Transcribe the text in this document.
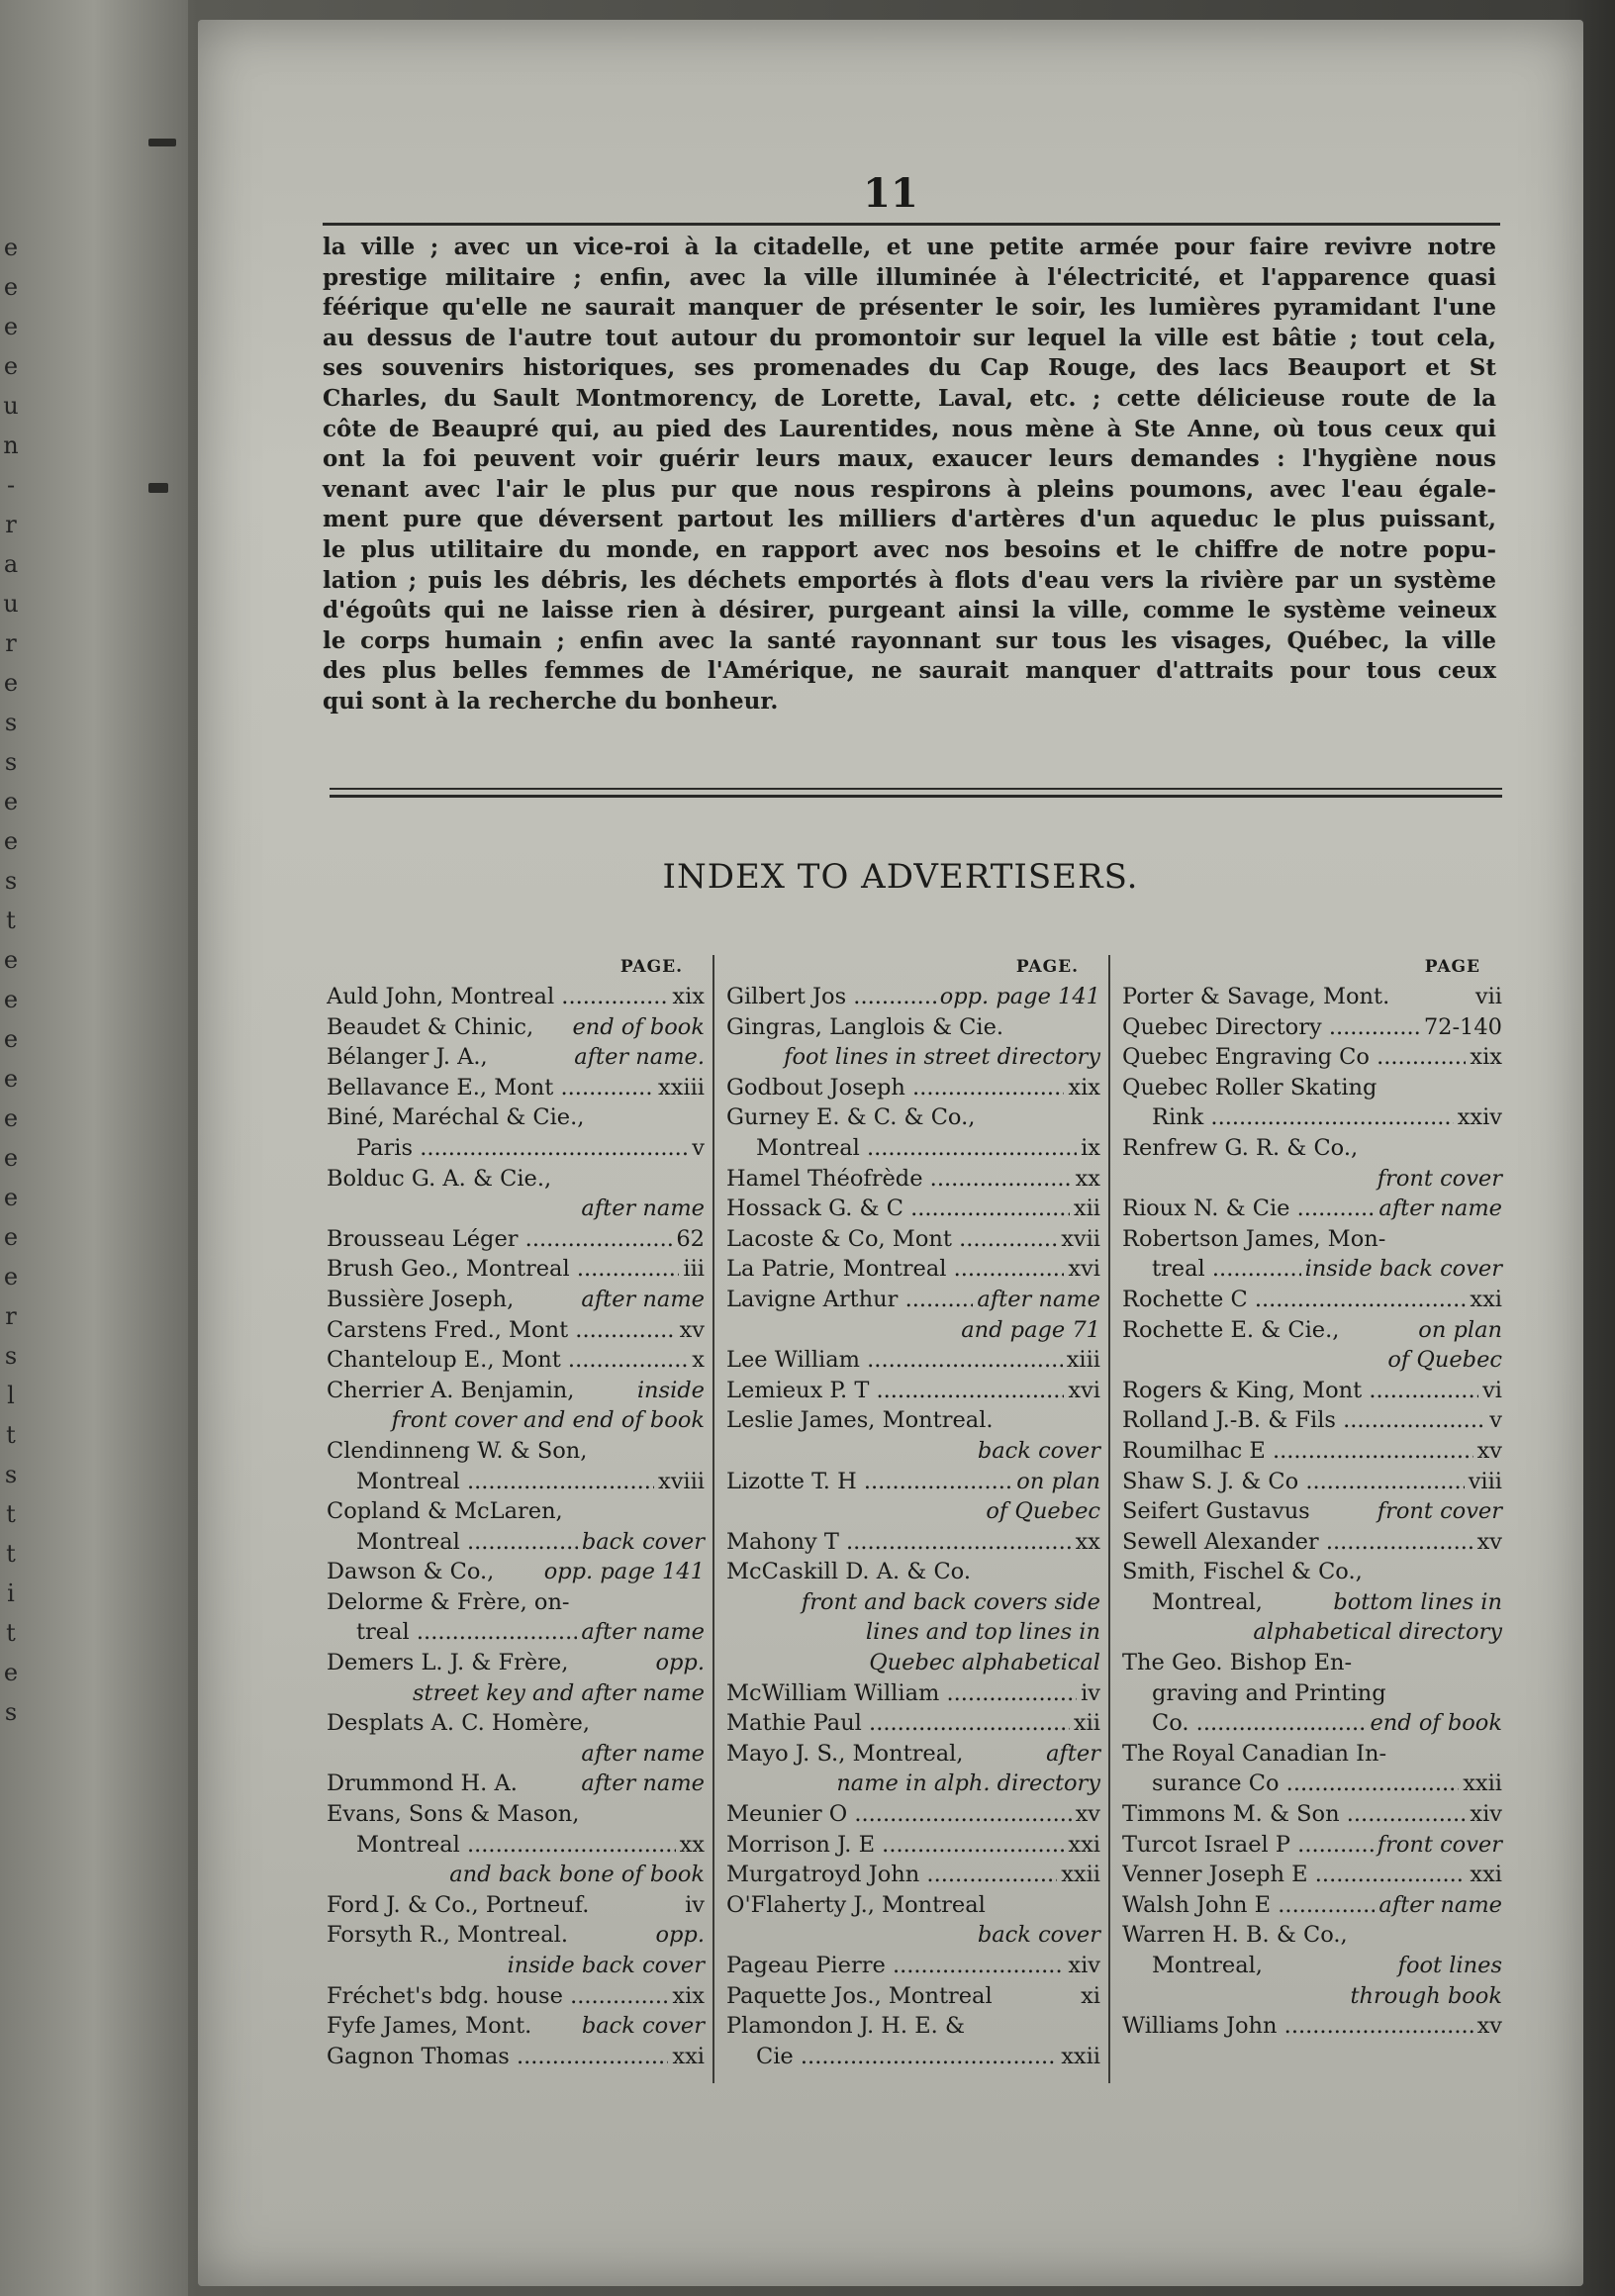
e
e
e
e
u
n
-
r
a
u
r
e
s
s
e
e
s
t
e
e
e
e
e
e
e
e
e
r
s
l
t
s
t
t
i
t
e
s
11
la ville ; avec un vice-roi à la citadelle, et une petite armée pour faire revivre notre
prestige militaire ; enfin, avec la ville illuminée à l'électricité, et l'apparence quasi
féérique qu'elle ne saurait manquer de présenter le soir, les lumières pyramidant l'une
au dessus de l'autre tout autour du promontoir sur lequel la ville est bâtie ; tout cela,
ses souvenirs historiques, ses promenades du Cap Rouge, des lacs Beauport et St
Charles, du Sault Montmorency, de Lorette, Laval, etc. ; cette délicieuse route de la
côte de Beaupré qui, au pied des Laurentides, nous mène à Ste Anne, où tous ceux qui
ont la foi peuvent voir guérir leurs maux, exaucer leurs demandes : l'hygiène nous
venant avec l'air le plus pur que nous respirons à pleins poumons, avec l'eau égale-
ment pure que déversent partout les milliers d'artères d'un aqueduc le plus puissant,
le plus utilitaire du monde, en rapport avec nos besoins et le chiffre de notre popu-
lation ; puis les débris, les déchets emportés à flots d'eau vers la rivière par un système
d'égoûts qui ne laisse rien à désirer, purgeant ainsi la ville, comme le système veineux
le corps humain ; enfin avec la santé rayonnant sur tous les visages, Québec, la ville
des plus belles femmes de l'Amérique, ne saurait manquer d'attraits pour tous ceux
qui sont à la recherche du bonheur.
INDEX TO ADVERTISERS.
PAGE.
Auld John, Montreal .....	xix
Beaudet & Chinic, end of book
Bélanger J. A.,	after name.
Bellavance E., Mont .....	xxiii
Biné, Maréchal & Cie.,
Paris .....	v
Bolduc G. A. & Cie.,
after name
Brousseau Léger .....	62
Brush Geo., Montreal .....	iii
Bussière Joseph,	after name
Carstens Fred., Mont .....	xv
Chanteloup E., Mont .....	x
Cherrier A. Benjamin,	inside
front cover and end of book
Clendinneng W. & Son,
Montreal .....	xviii
Copland & McLaren,
Montreal .....	back cover
Dawson & Co., opp. page 141
Delorme & Frère, on-
treal .....	after name
Demers L. J. & Frère,	opp.
street key and after name
Desplats A. C. Homère,
after name
Drummond H. A.	after name
Evans, Sons & Mason,
Montreal .....	xx
and back bone of book
Ford J. & Co., Portneuf.	iv
Forsyth R., Montreal.	opp.
inside back cover
Fréchet's bdg. house .....	xix
Fyfe James, Mont. back cover
Gagnon Thomas .....	xxi
PAGE.
Gilbert Jos .....	opp. page 141
Gingras, Langlois & Cie.
foot lines in street directory
Godbout Joseph .....	xix
Gurney E. & C. & Co.,
Montreal .....	ix
Hamel Théofrède .....	xx
Hossack G. & C .....	xii
Lacoste & Co, Mont .....	xvii
La Patrie, Montreal .....	xvi
Lavigne Arthur .....	after name
and page 71
Lee William .....	xiii
Lemieux P. T .....	xvi
Leslie James, Montreal.
back cover
Lizotte T. H .....	on plan
of Quebec
Mahony T .....	xx
McCaskill D. A. & Co.
front and back covers side
lines and top lines in
Quebec alphabetical
McWilliam William .....	iv
Mathie Paul .....	xii
Mayo J. S., Montreal,	after
name in alph. directory
Meunier O .....	xv
Morrison J. E .....	xxi
Murgatroyd John .....	xxii
O'Flaherty J., Montreal
back cover
Pageau Pierre .....	xiv
Paquette Jos., Montreal	xi
Plamondon J. H. E. &
Cie .....	xxii
PAGE
Porter & Savage, Mont.	vii
Quebec Directory .....	72-140
Quebec Engraving Co .....	xix
Quebec Roller Skating
Rink .....	xxiv
Renfrew G. R. & Co.,
front cover
Rioux N. & Cie .....	after name
Robertson James, Mon-
treal .....	inside back cover
Rochette C .....	xxi
Rochette E. & Cie.,	on plan
of Quebec
Rogers & King, Mont .....	vi
Rolland J.-B. & Fils .....	v
Roumilhac E .....	xv
Shaw S. J. & Co .....	viii
Seifert Gustavus	front cover
Sewell Alexander .....	xv
Smith, Fischel & Co.,
Montreal,	bottom lines in
alphabetical directory
The Geo. Bishop En-
graving and Printing
Co. .....	end of book
The Royal Canadian In-
surance Co .....	xxii
Timmons M. & Son .....	xiv
Turcot Israel P .....	front cover
Venner Joseph E .....	xxi
Walsh John E .....	after name
Warren H. B. & Co.,
Montreal,	foot lines
through book
Williams John .....	xv
